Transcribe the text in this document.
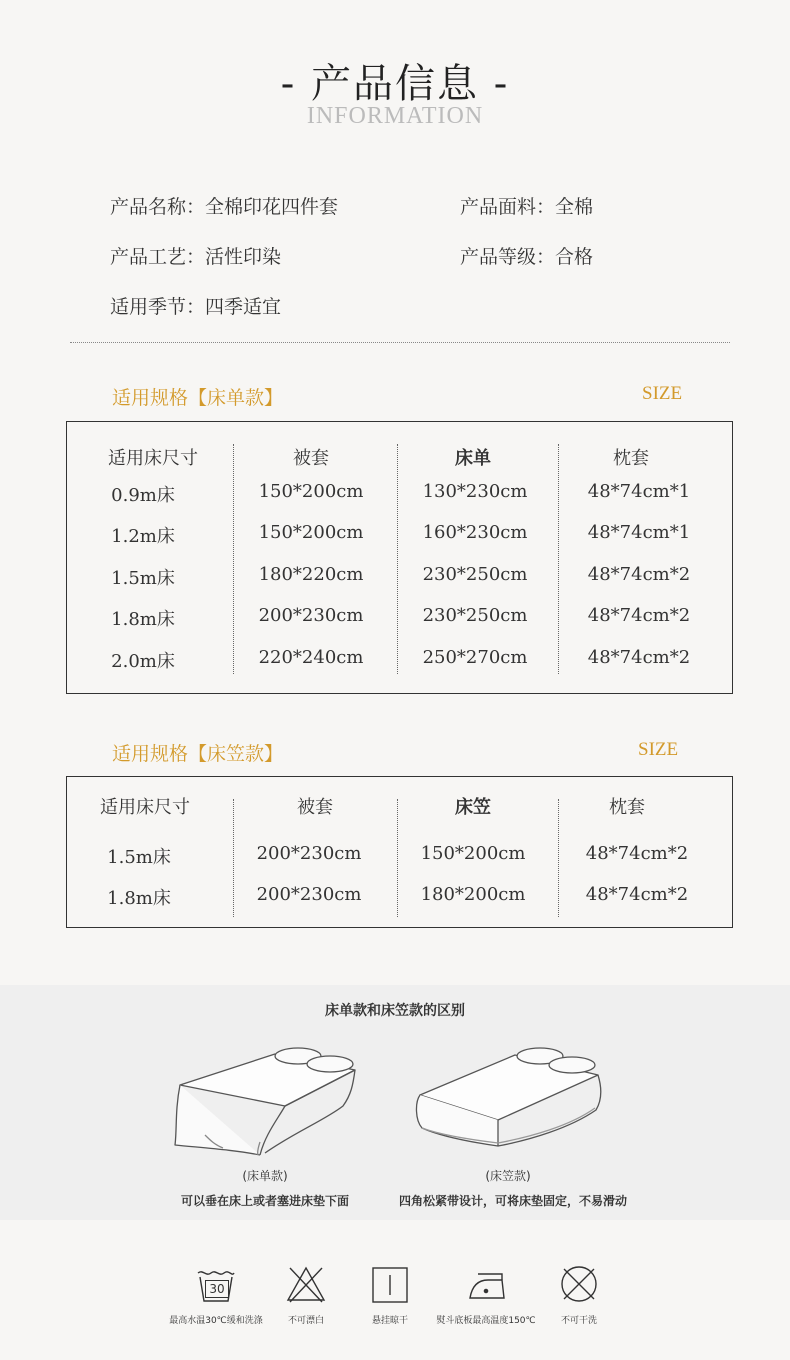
- 产品信息 -
INFORMATION
产品名称：全棉印花四件套	产品面料：全棉
产品工艺：活性印染	产品等级：合格
适用季节：四季适宜
适用规格【床单款】	SIZE
适用床尺寸	被套	床单	枕套
0.9m床	150*200cm	130*230cm	48*74cm*1
1.2m床	150*200cm	160*230cm	48*74cm*1
1.5m床	180*220cm	230*250cm	48*74cm*2
1.8m床	200*230cm	230*250cm	48*74cm*2
2.0m床	220*240cm	250*270cm	48*74cm*2
适用规格【床笠款】	SIZE
适用床尺寸	被套	床笠	枕套
1.5m床	200*230cm	150*200cm	48*74cm*2
1.8m床	200*230cm	180*200cm	48*74cm*2
床单款和床笠款的区别
(床单款)
可以垂在床上或者塞进床垫下面
(床笠款)
四角松紧带设计，可将床垫固定，不易滑动
30
最高水温30℃缓和洗涤	不可漂白	悬挂晾干	熨斗底板最高温度150℃	不可干洗
